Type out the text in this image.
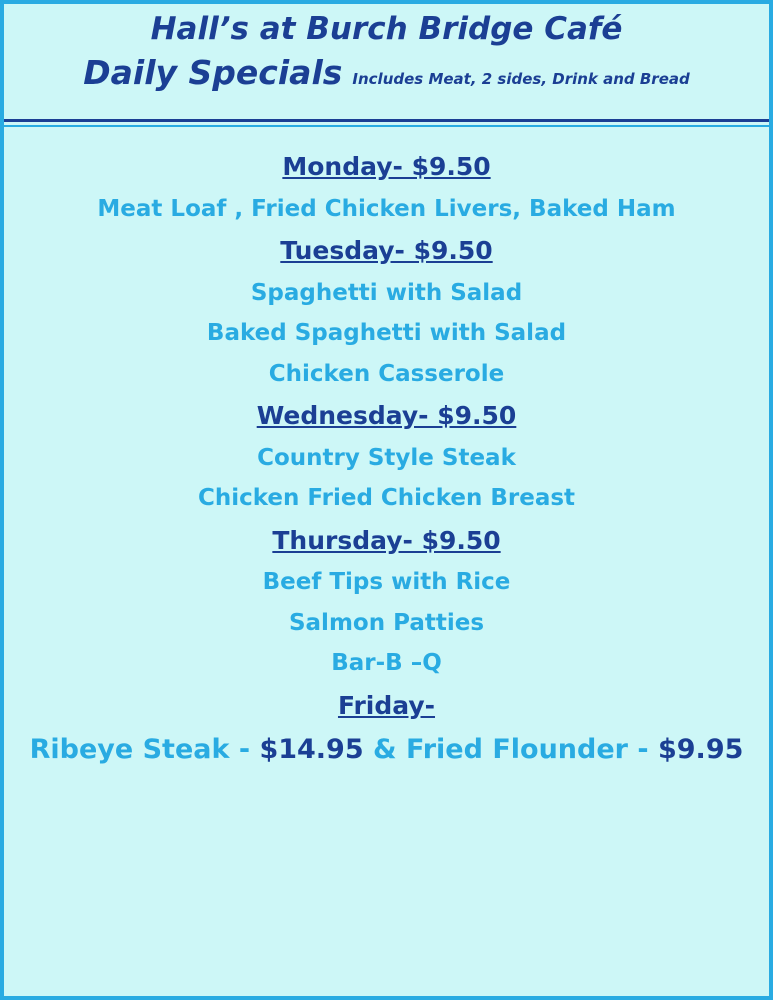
Hall’s at Burch Bridge Café
Daily Specials Includes Meat, 2 sides, Drink and Bread
Monday- $9.50
Meat Loaf , Fried Chicken Livers, Baked Ham
Tuesday- $9.50
Spaghetti with Salad
Baked Spaghetti with Salad
Chicken Casserole
Wednesday- $9.50
Country Style Steak
Chicken Fried Chicken Breast
Thursday- $9.50
Beef Tips with Rice
Salmon Patties
Bar-B –Q
Friday-
Ribeye Steak - $14.95 & Fried Flounder - $9.95
